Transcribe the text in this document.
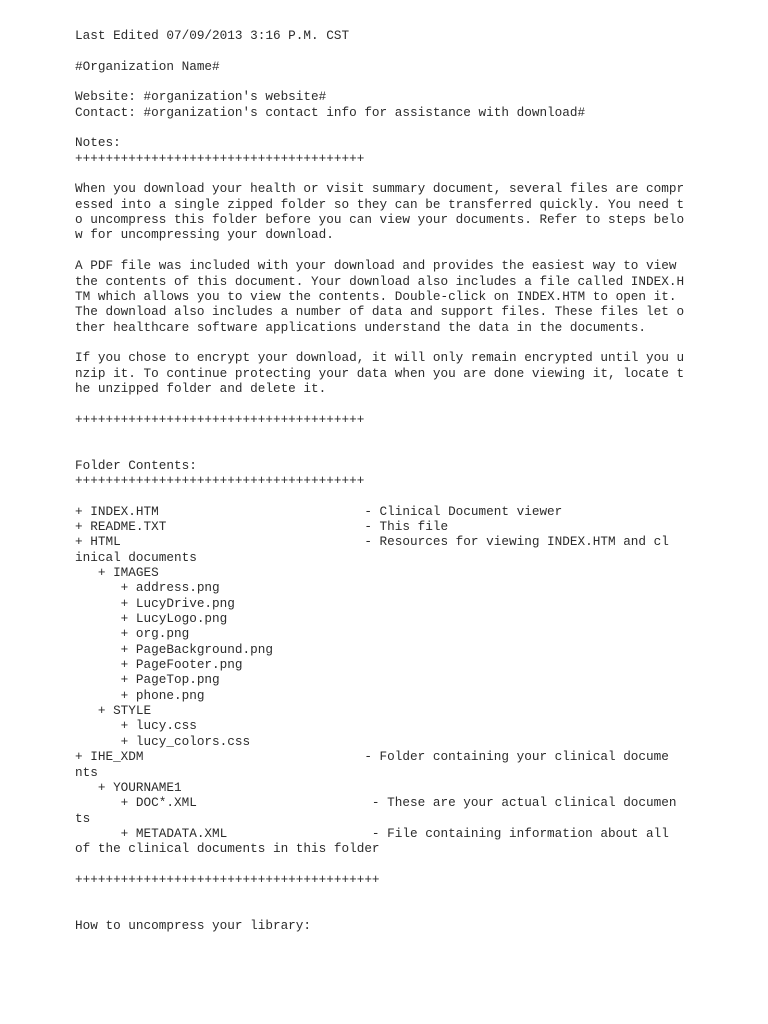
Last Edited 07/09/2013 3:16 P.M. CST
#Organization Name#
Website: #organization's website#
Contact: #organization's contact info for assistance with download#
Notes:
++++++++++++++++++++++++++++++++++++++
When you download your health or visit summary document, several files are compr
essed into a single zipped folder so they can be transferred quickly. You need t
o uncompress this folder before you can view your documents. Refer to steps belo
w for uncompressing your download.
A PDF file was included with your download and provides the easiest way to view
the contents of this document. Your download also includes a file called INDEX.H
TM which allows you to view the contents. Double-click on INDEX.HTM to open it.
The download also includes a number of data and support files. These files let o
ther healthcare software applications understand the data in the documents.
If you chose to encrypt your download, it will only remain encrypted until you u
nzip it. To continue protecting your data when you are done viewing it, locate t
he unzipped folder and delete it.
++++++++++++++++++++++++++++++++++++++
Folder Contents:
++++++++++++++++++++++++++++++++++++++
+ INDEX.HTM                           - Clinical Document viewer
+ README.TXT                          - This file
+ HTML                                - Resources for viewing INDEX.HTM and cl
inical documents
+ IMAGES
+ address.png
+ LucyDrive.png
+ LucyLogo.png
+ org.png
+ PageBackground.png
+ PageFooter.png
+ PageTop.png
+ phone.png
+ STYLE
+ lucy.css
+ lucy_colors.css
+ IHE_XDM                             - Folder containing your clinical docume
nts
+ YOURNAME1
+ DOC*.XML                       - These are your actual clinical documen
ts
+ METADATA.XML                   - File containing information about all
of the clinical documents in this folder
++++++++++++++++++++++++++++++++++++++++
How to uncompress your library:
